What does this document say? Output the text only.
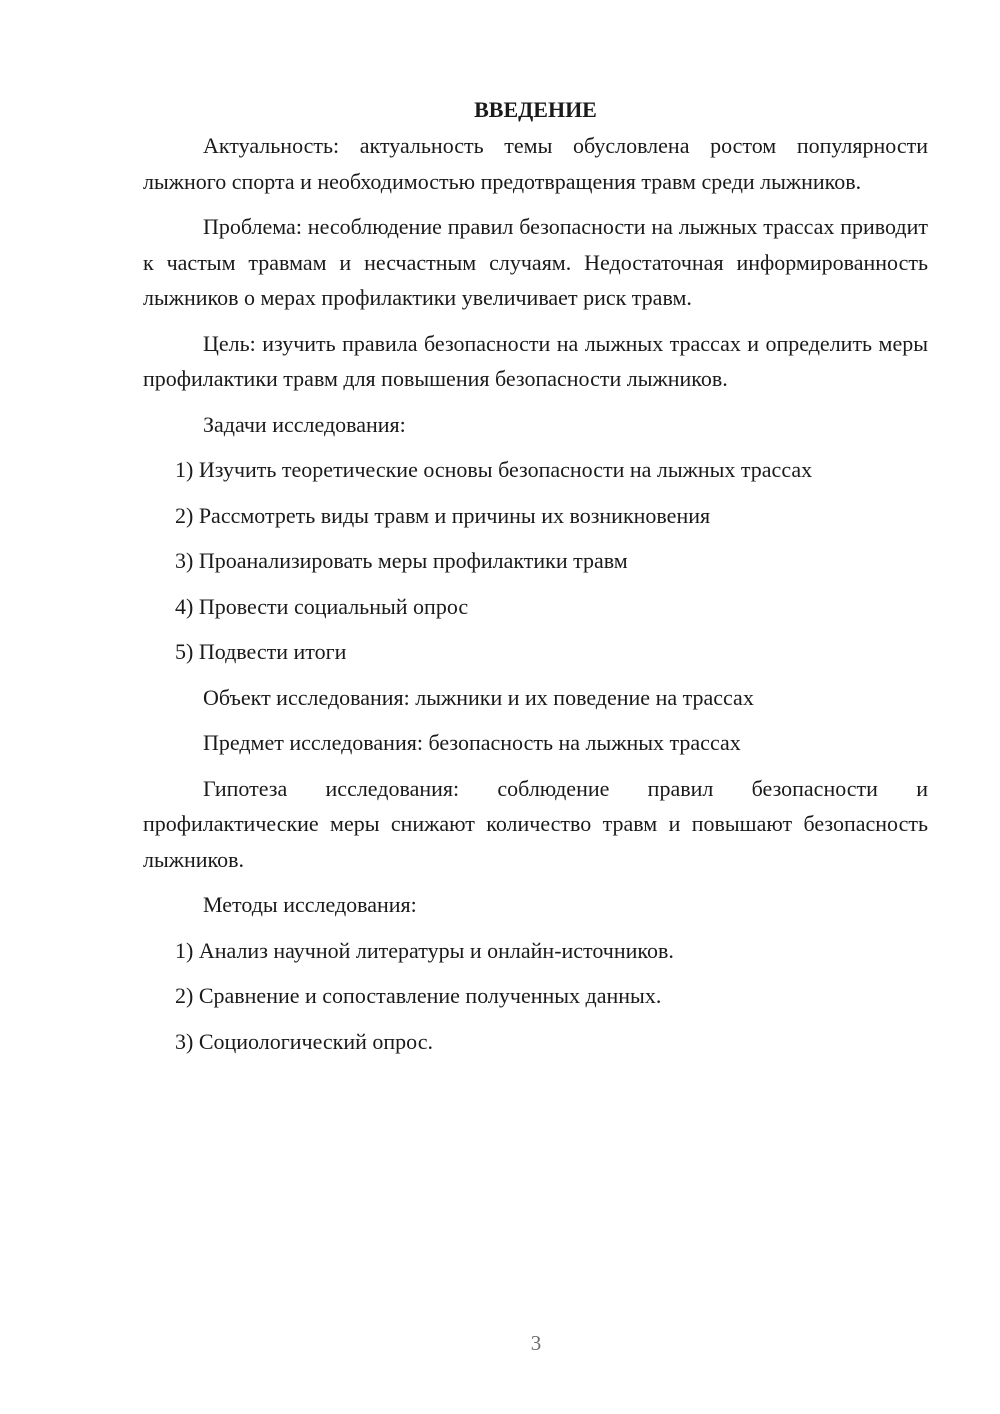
ВВЕДЕНИЕ

Актуальность: актуальность темы обусловлена ростом популярности лыжного спорта и необходимостью предотвращения травм среди лыжников.

Проблема: несоблюдение правил безопасности на лыжных трассах приводит к частым травмам и несчастным случаям. Недостаточная информированность лыжников о мерах профилактики увеличивает риск травм.

Цель: изучить правила безопасности на лыжных трассах и определить меры профилактики травм для повышения безопасности лыжников.

Задачи исследования:

1) Изучить теоретические основы безопасности на лыжных трассах

2) Рассмотреть виды травм и причины их возникновения

3) Проанализировать меры профилактики травм

4) Провести социальный опрос

5) Подвести итоги

Объект исследования: лыжники и их поведение на трассах

Предмет исследования: безопасность на лыжных трассах

Гипотеза исследования: соблюдение правил безопасности и профилактические меры снижают количество травм и повышают безопасность лыжников.

Методы исследования:

1) Анализ научной литературы и онлайн-источников.

2) Сравнение и сопоставление полученных данных.

3) Социологический опрос.

3
